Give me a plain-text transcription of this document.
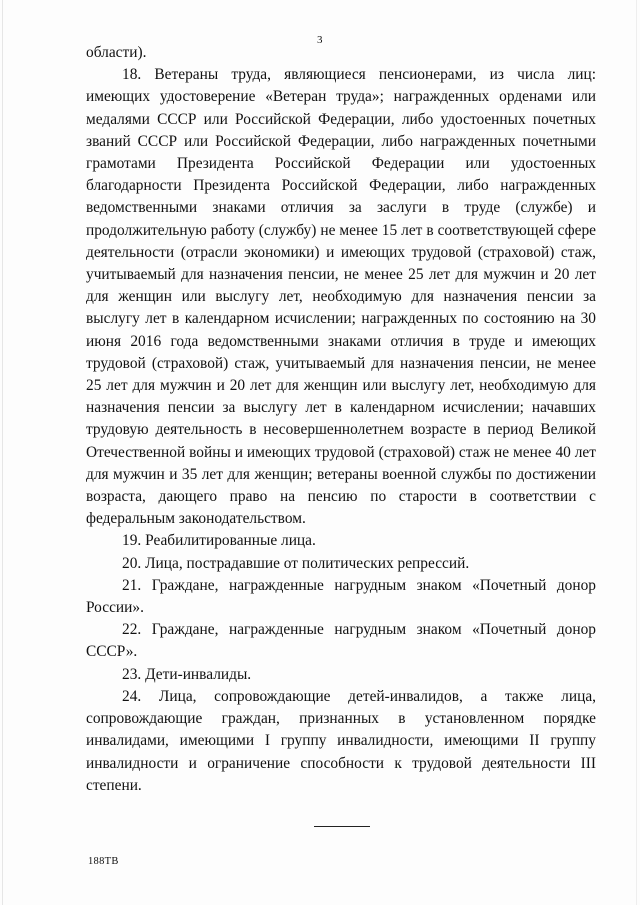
3

области).

18. Ветераны труда, являющиеся пенсионерами, из числа лиц: имеющих удостоверение «Ветеран труда»; награжденных орденами или медалями СССР или Российской Федерации, либо удостоенных почетных званий СССР или Российской Федерации, либо награжденных почетными грамотами Президента Российской Федерации или удостоенных благодарности Президента Российской Федерации, либо награжденных ведомственными знаками отличия за заслуги в труде (службе) и продолжительную работу (службу) не менее 15 лет в соответствующей сфере деятельности (отрасли экономики) и имеющих трудовой (страховой) стаж, учитываемый для назначения пенсии, не менее 25 лет для мужчин и 20 лет для женщин или выслугу лет, необходимую для назначения пенсии за выслугу лет в календарном исчислении; награжденных по состоянию на 30 июня 2016 года ведомственными знаками отличия в труде и имеющих трудовой (страховой) стаж, учитываемый для назначения пенсии, не менее 25 лет для мужчин и 20 лет для женщин или выслугу лет, необходимую для назначения пенсии за выслугу лет в календарном исчислении; начавших трудовую деятельность в несовершеннолетнем возрасте в период Великой Отечественной войны и имеющих трудовой (страховой) стаж не менее 40 лет для мужчин и 35 лет для женщин; ветераны военной службы по достижении возраста, дающего право на пенсию по старости в соответствии с федеральным законодательством.

19. Реабилитированные лица.

20. Лица, пострадавшие от политических репрессий.

21. Граждане, награжденные нагрудным знаком «Почетный донор России».

22. Граждане, награжденные нагрудным знаком «Почетный донор СССР».

23. Дети-инвалиды.

24. Лица, сопровождающие детей-инвалидов, а также лица, сопровождающие граждан, признанных в установленном порядке инвалидами, имеющими I группу инвалидности, имеющими II группу инвалидности и ограничение способности к трудовой деятельности III степени.

188ТВ
